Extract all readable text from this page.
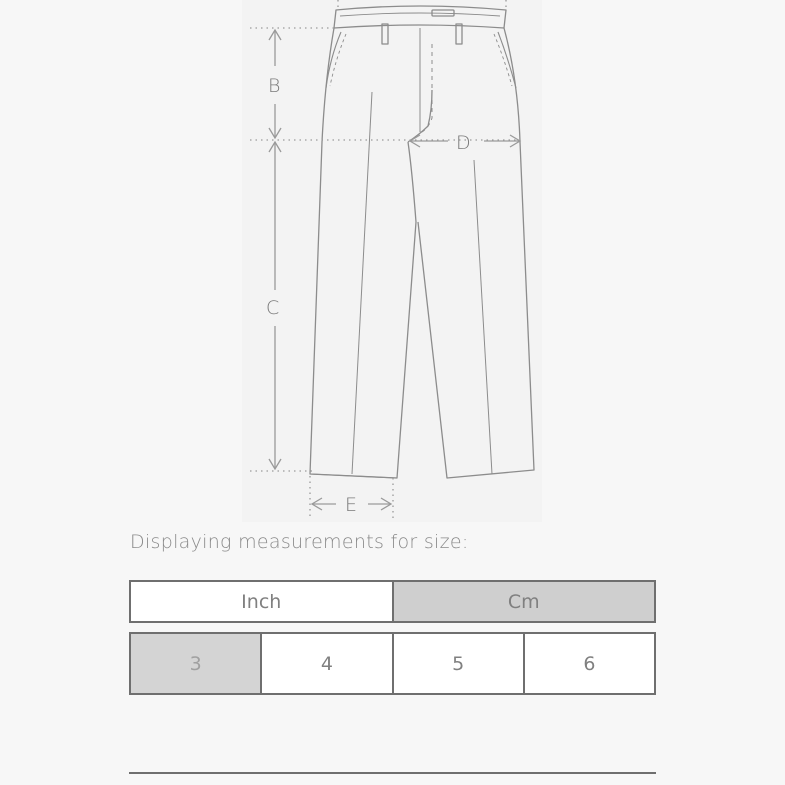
B
C
D
E
Displaying measurements for size:
Inch	Cm
3	4	5	6
